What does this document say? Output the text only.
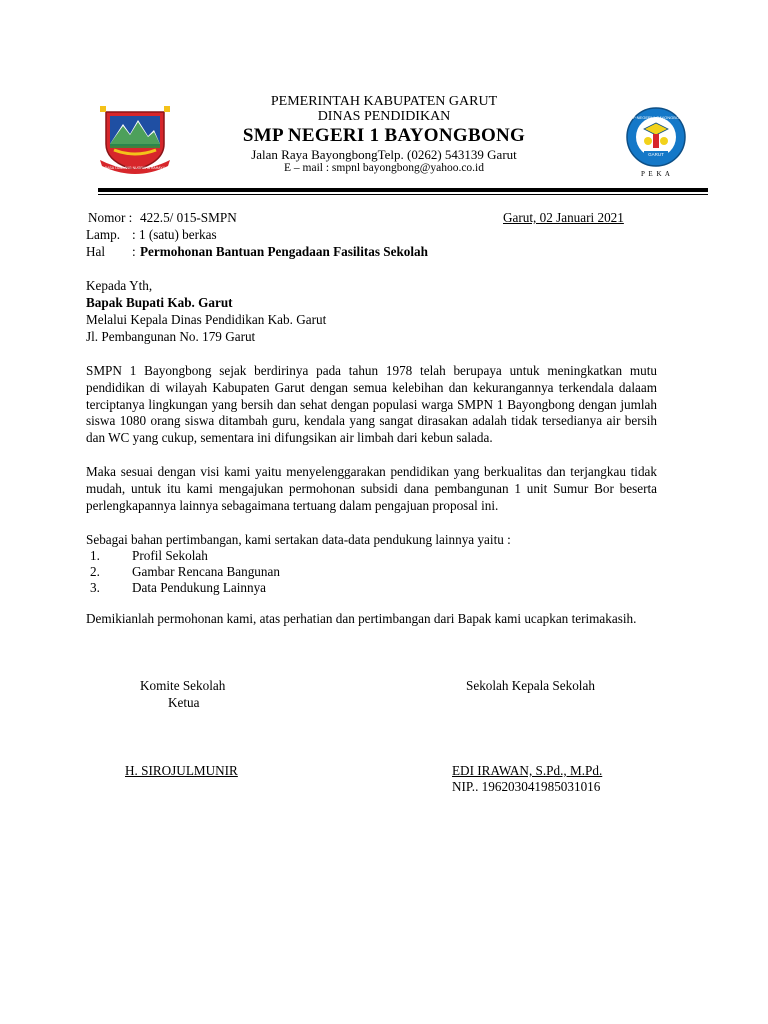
BASA TANDANG NUGRAHA RAHAYU
GARUT
SMP NEGERI 1 BAYONGBONG
P E K A
PEMERINTAH KABUPATEN GARUT
DINAS PENDIDIKAN
SMP NEGERI 1 BAYONGBONG
Jalan Raya BayongbongTelp. (0262) 543139 Garut
E – mail : smpnl bayongbong@yahoo.co.id
Nomor : 422.5/ 015-SMPN	Garut, 02 Januari 2021
Lamp. : 1 (satu) berkas
Hal : Permohonan Bantuan Pengadaan Fasilitas Sekolah
Kepada Yth,
Bapak Bupati Kab. Garut
Melalui Kepala Dinas Pendidikan Kab. Garut
Jl. Pembangunan No. 179 Garut
SMPN 1 Bayongbong sejak berdirinya pada tahun 1978 telah berupaya untuk meningkatkan mutu pendidikan di wilayah Kabupaten Garut dengan semua kelebihan dan kekurangannya terkendala dalaam terciptanya lingkungan yang bersih dan sehat dengan populasi warga SMPN 1 Bayongbong dengan jumlah siswa 1080 orang siswa ditambah guru, kendala yang sangat dirasakan adalah tidak tersedianya air bersih dan WC yang cukup, sementara ini difungsikan air limbah dari kebun salada.
Maka sesuai dengan visi kami yaitu menyelenggarakan pendidikan yang berkualitas dan terjangkau tidak mudah, untuk itu kami mengajukan permohonan subsidi dana pembangunan 1 unit Sumur Bor beserta perlengkapannya lainnya sebagaimana tertuang dalam pengajuan proposal ini.
Sebagai bahan pertimbangan, kami sertakan data-data pendukung lainnya yaitu :
1. Profil Sekolah
2. Gambar Rencana Bangunan
3. Data Pendukung Lainnya
Demikianlah permohonan kami, atas perhatian dan pertimbangan dari Bapak kami ucapkan terimakasih.
Komite Sekolah
Ketua
H. SIROJULMUNIR
Sekolah Kepala Sekolah
EDI IRAWAN, S.Pd., M.Pd.
NIP.. 196203041985031016
